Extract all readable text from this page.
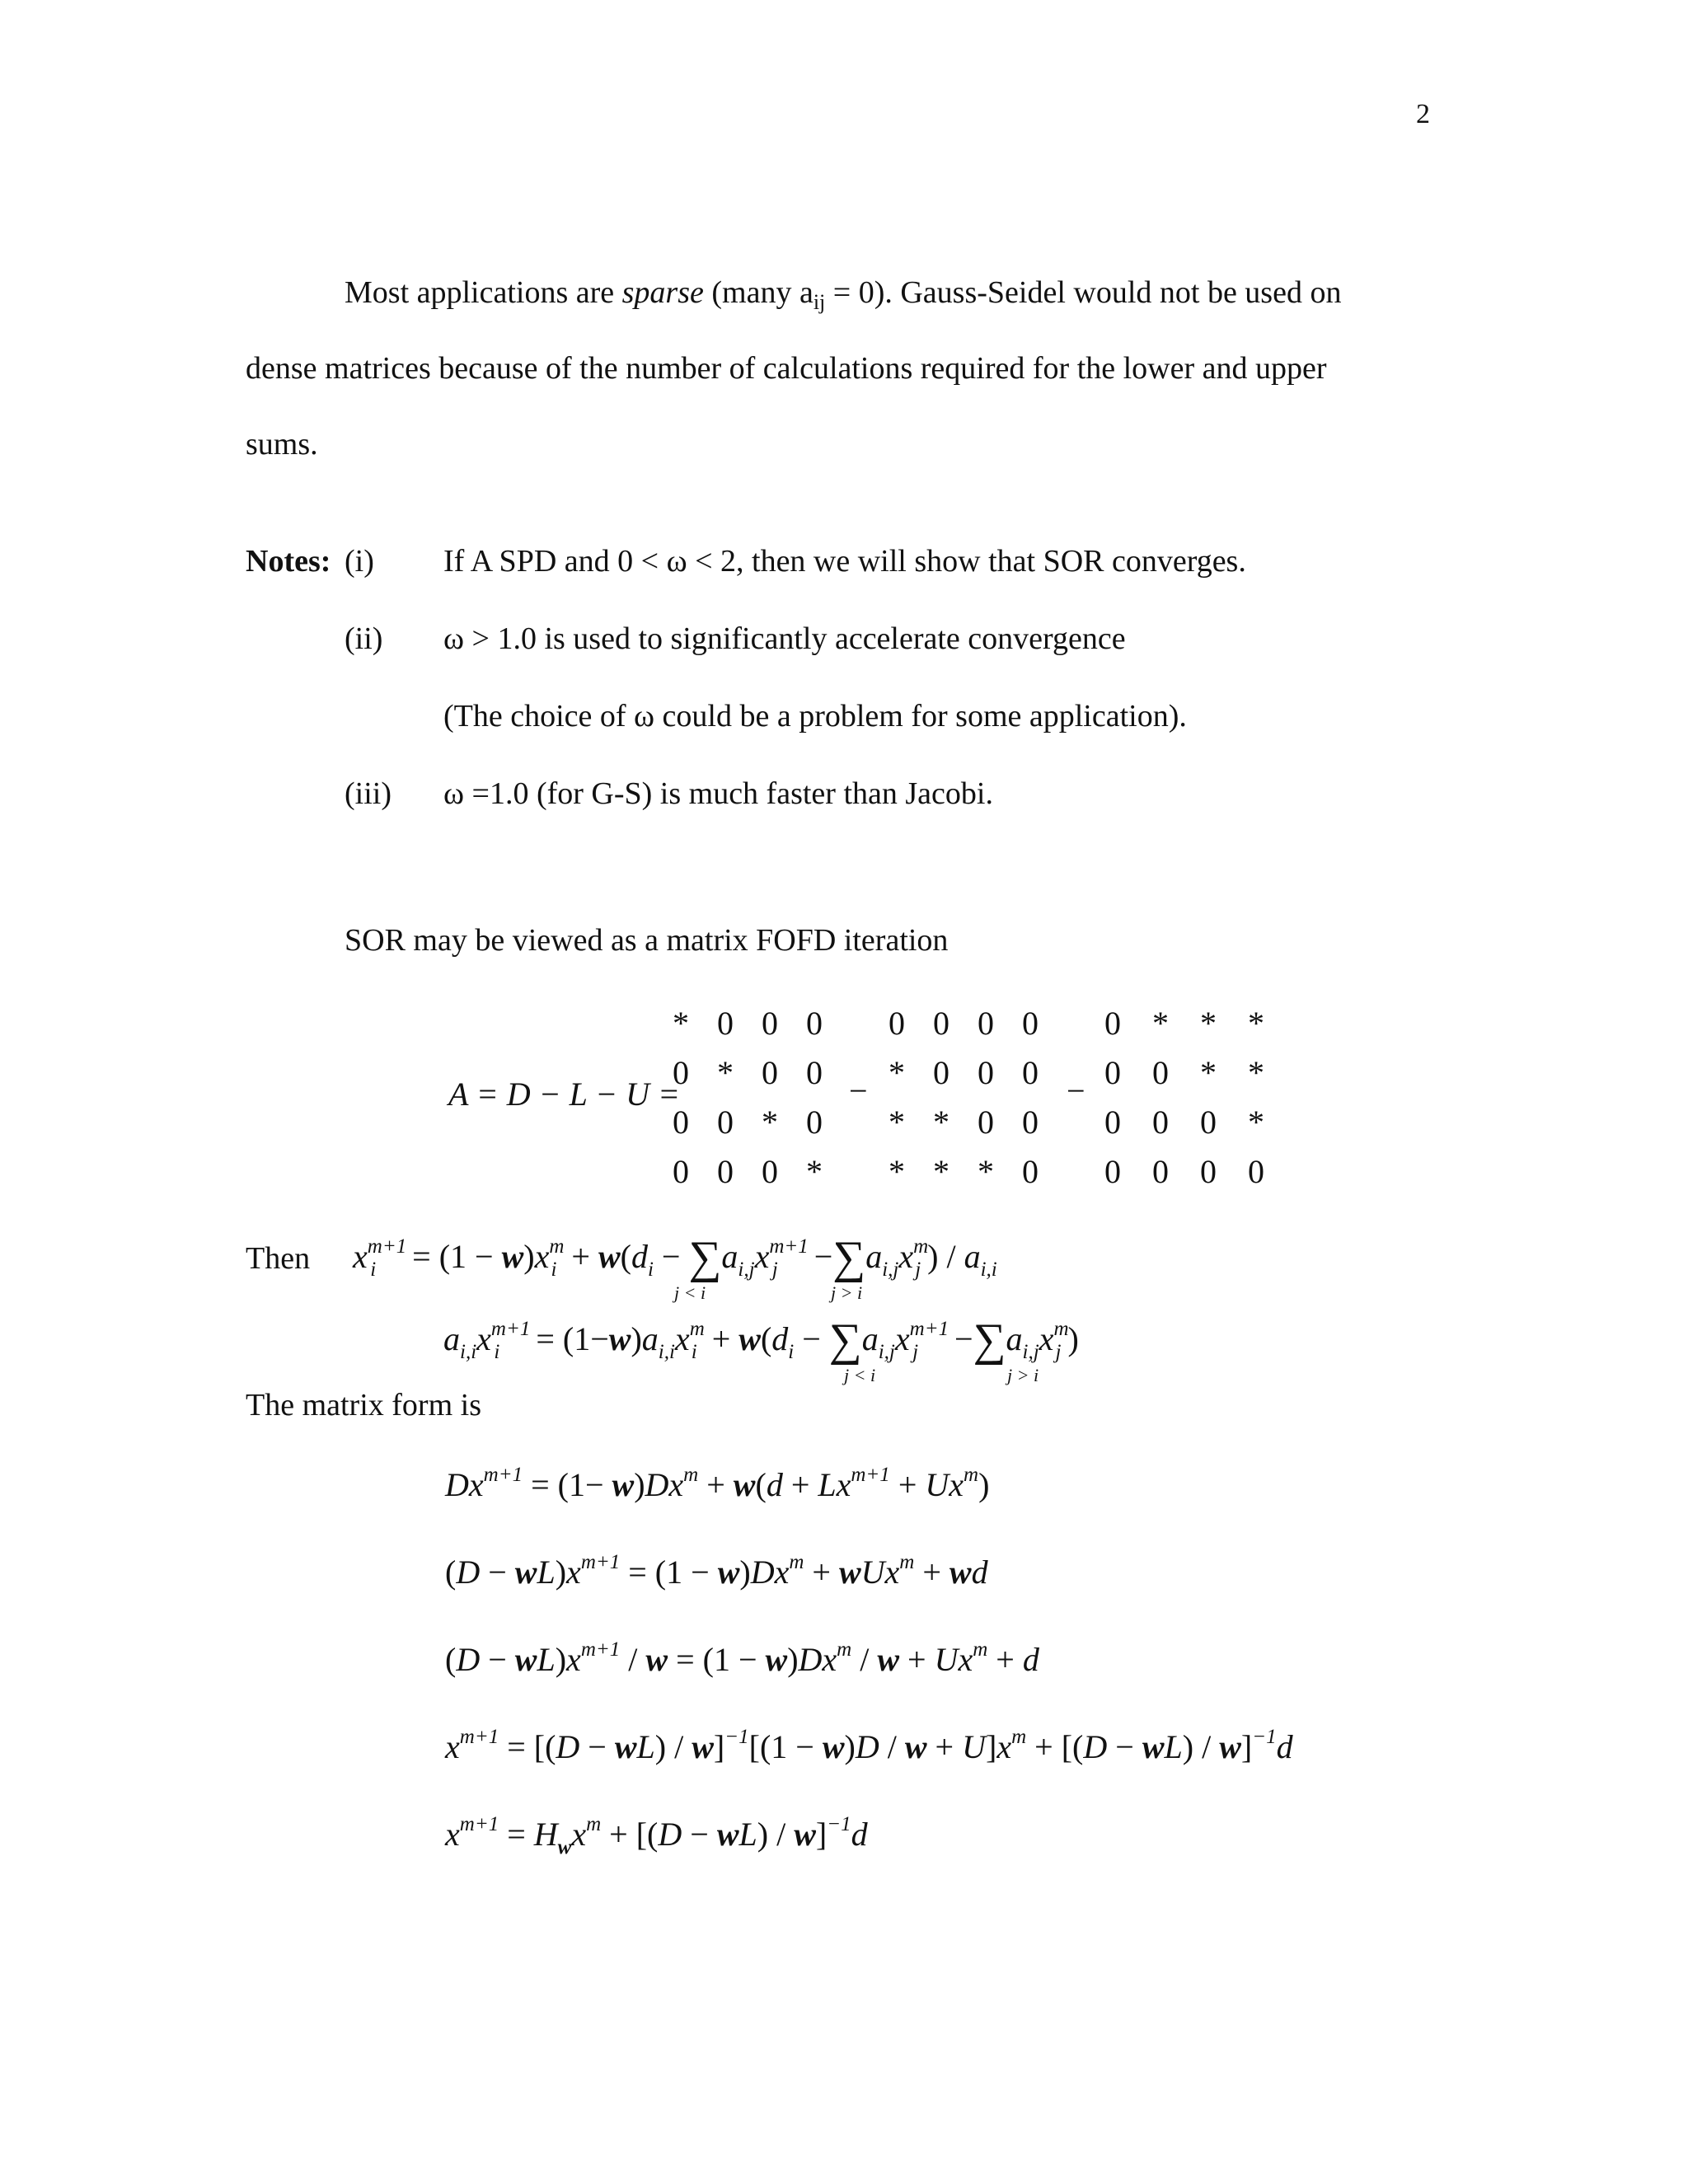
2
Most applications are sparse (many $a_{ij} = 0$). Gauss-Seidel would not be used on
dense matrices because of the number of calculations required for the lower and upper
sums.
Notes: (i) If A SPD and 0 < ω < 2, then we will show that SOR converges.
(ii) ω > 1.0 is used to significantly accelerate convergence
(The choice of ω could be a problem for some application).
(iii) ω =1.0 (for G-S) is much faster than Jacobi.
SOR may be viewed as a matrix FOFD iteration
A = D − L − U =
* 0 0 0
0 * 0 0
0 0 * 0
0 0 0 *
−
0 0 0 0
* 0 0 0
* * 0 0
* * * 0
−
0 * * *
0 0 * *
0 0 0 *
0 0 0 0
Then $x^{m+1}_i = (1 - w)x^m_i + w(d_i - \sum a_{i,j}x^{m+1}_j -\sum a_{i,j}x^m_j$ ) / $a_{i,i}$
j < i	j > i
$a_{i,i}x^{m+1}_i = (1-w)a_{i,i}x^m_i + w(d_i - \sum a_{i,j}x^{m+1}_j -\sum a_{i,j}x^m_j$ )
j < i	j > i
The matrix form is
$Dx^{m+1} = (1- w)Dx^m + w(d + Lx^{m+1} + Ux^m)$
$(D - wL)x^{m+1} = (1 - w)Dx^m + wUx^m$ + wd
$(D - wL)x^{m+1} / w = (1 - w)Dx^m / w + Ux^m + d$
$x^{m+1} = [(D - wL) / w]^{-1}[(1 - w)D / w + U]x^m + [(D - wL) / w]^{-1}d$
$x^{m+1} = H_wx^m + [(D - wL) / w]^{-1}d$
